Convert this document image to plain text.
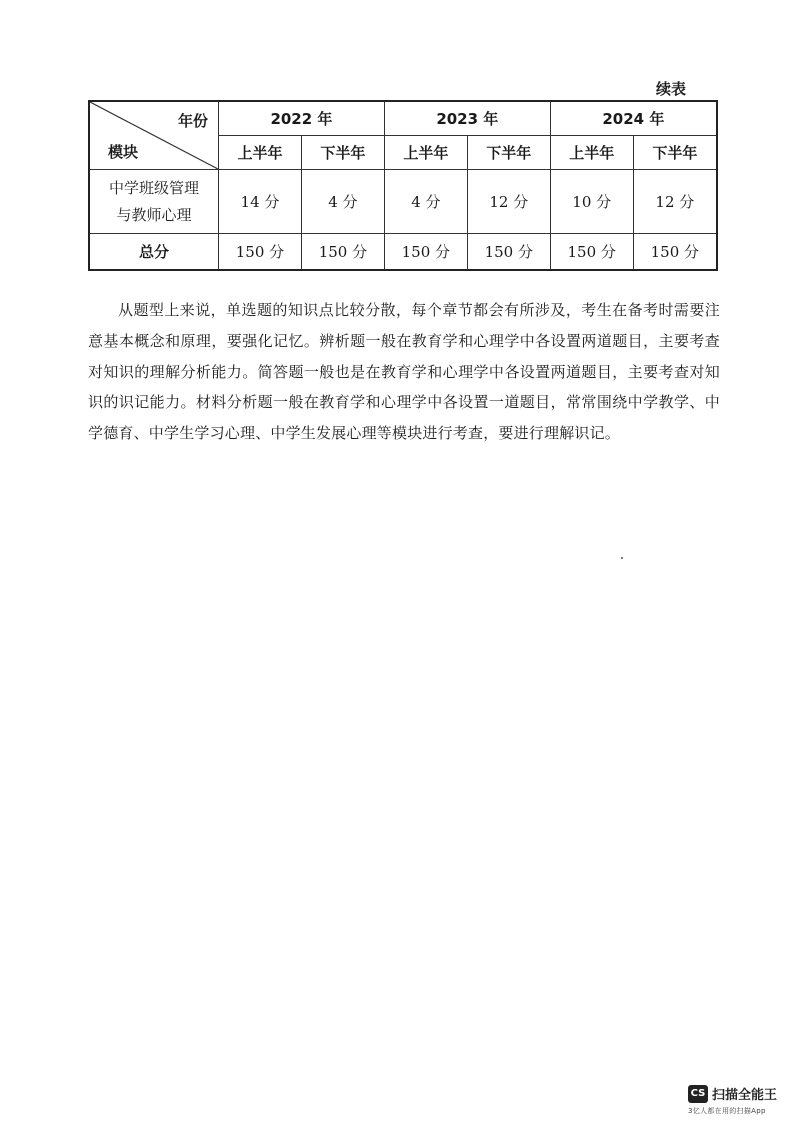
续表
年份
模块	2022 年		2023 年		2024 年	
	上半年	下半年	上半年	下半年	上半年	下半年

中学班级管理
与教师心理	14 分	4 分	4 分	12 分	10 分	12 分
总分	150 分	150 分	150 分	150 分	150 分	150 分

从题型上来说，单选题的知识点比较分散，每个章节都会有所涉及，考生在备考时需要注意基本概念和原理，要强化记忆。辨析题一般在教育学和心理学中各设置两道题目，主要考查对知识的理解分析能力。简答题一般也是在教育学和心理学中各设置两道题目，主要考查对知识的识记能力。材料分析题一般在教育学和心理学中各设置一道题目，常常围绕中学教学、中学德育、中学生学习心理、中学生发展心理等模块进行考查，要进行理解识记。

CS 扫描全能王
3亿人都在用的扫描App
